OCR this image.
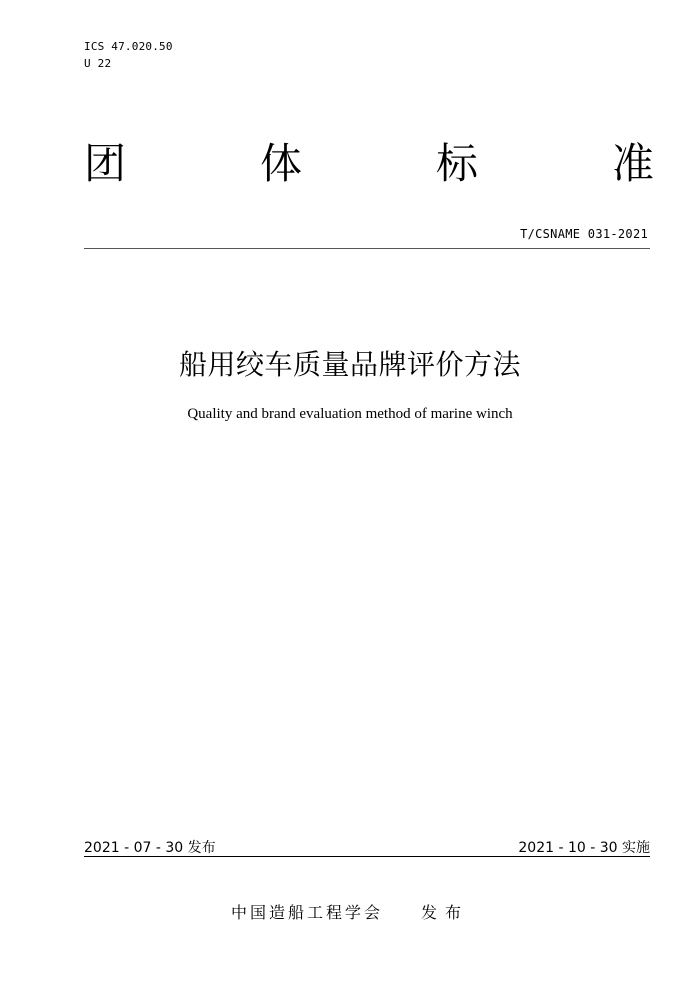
ICS 47.020.50
U 22
团	体	标	准
T/CSNAME 031-2021
船用绞车质量品牌评价方法
Quality and brand evaluation method of marine winch
2021 - 07 - 30 发布	2021 - 10 - 30 实施
中国造船工程学会 发布
